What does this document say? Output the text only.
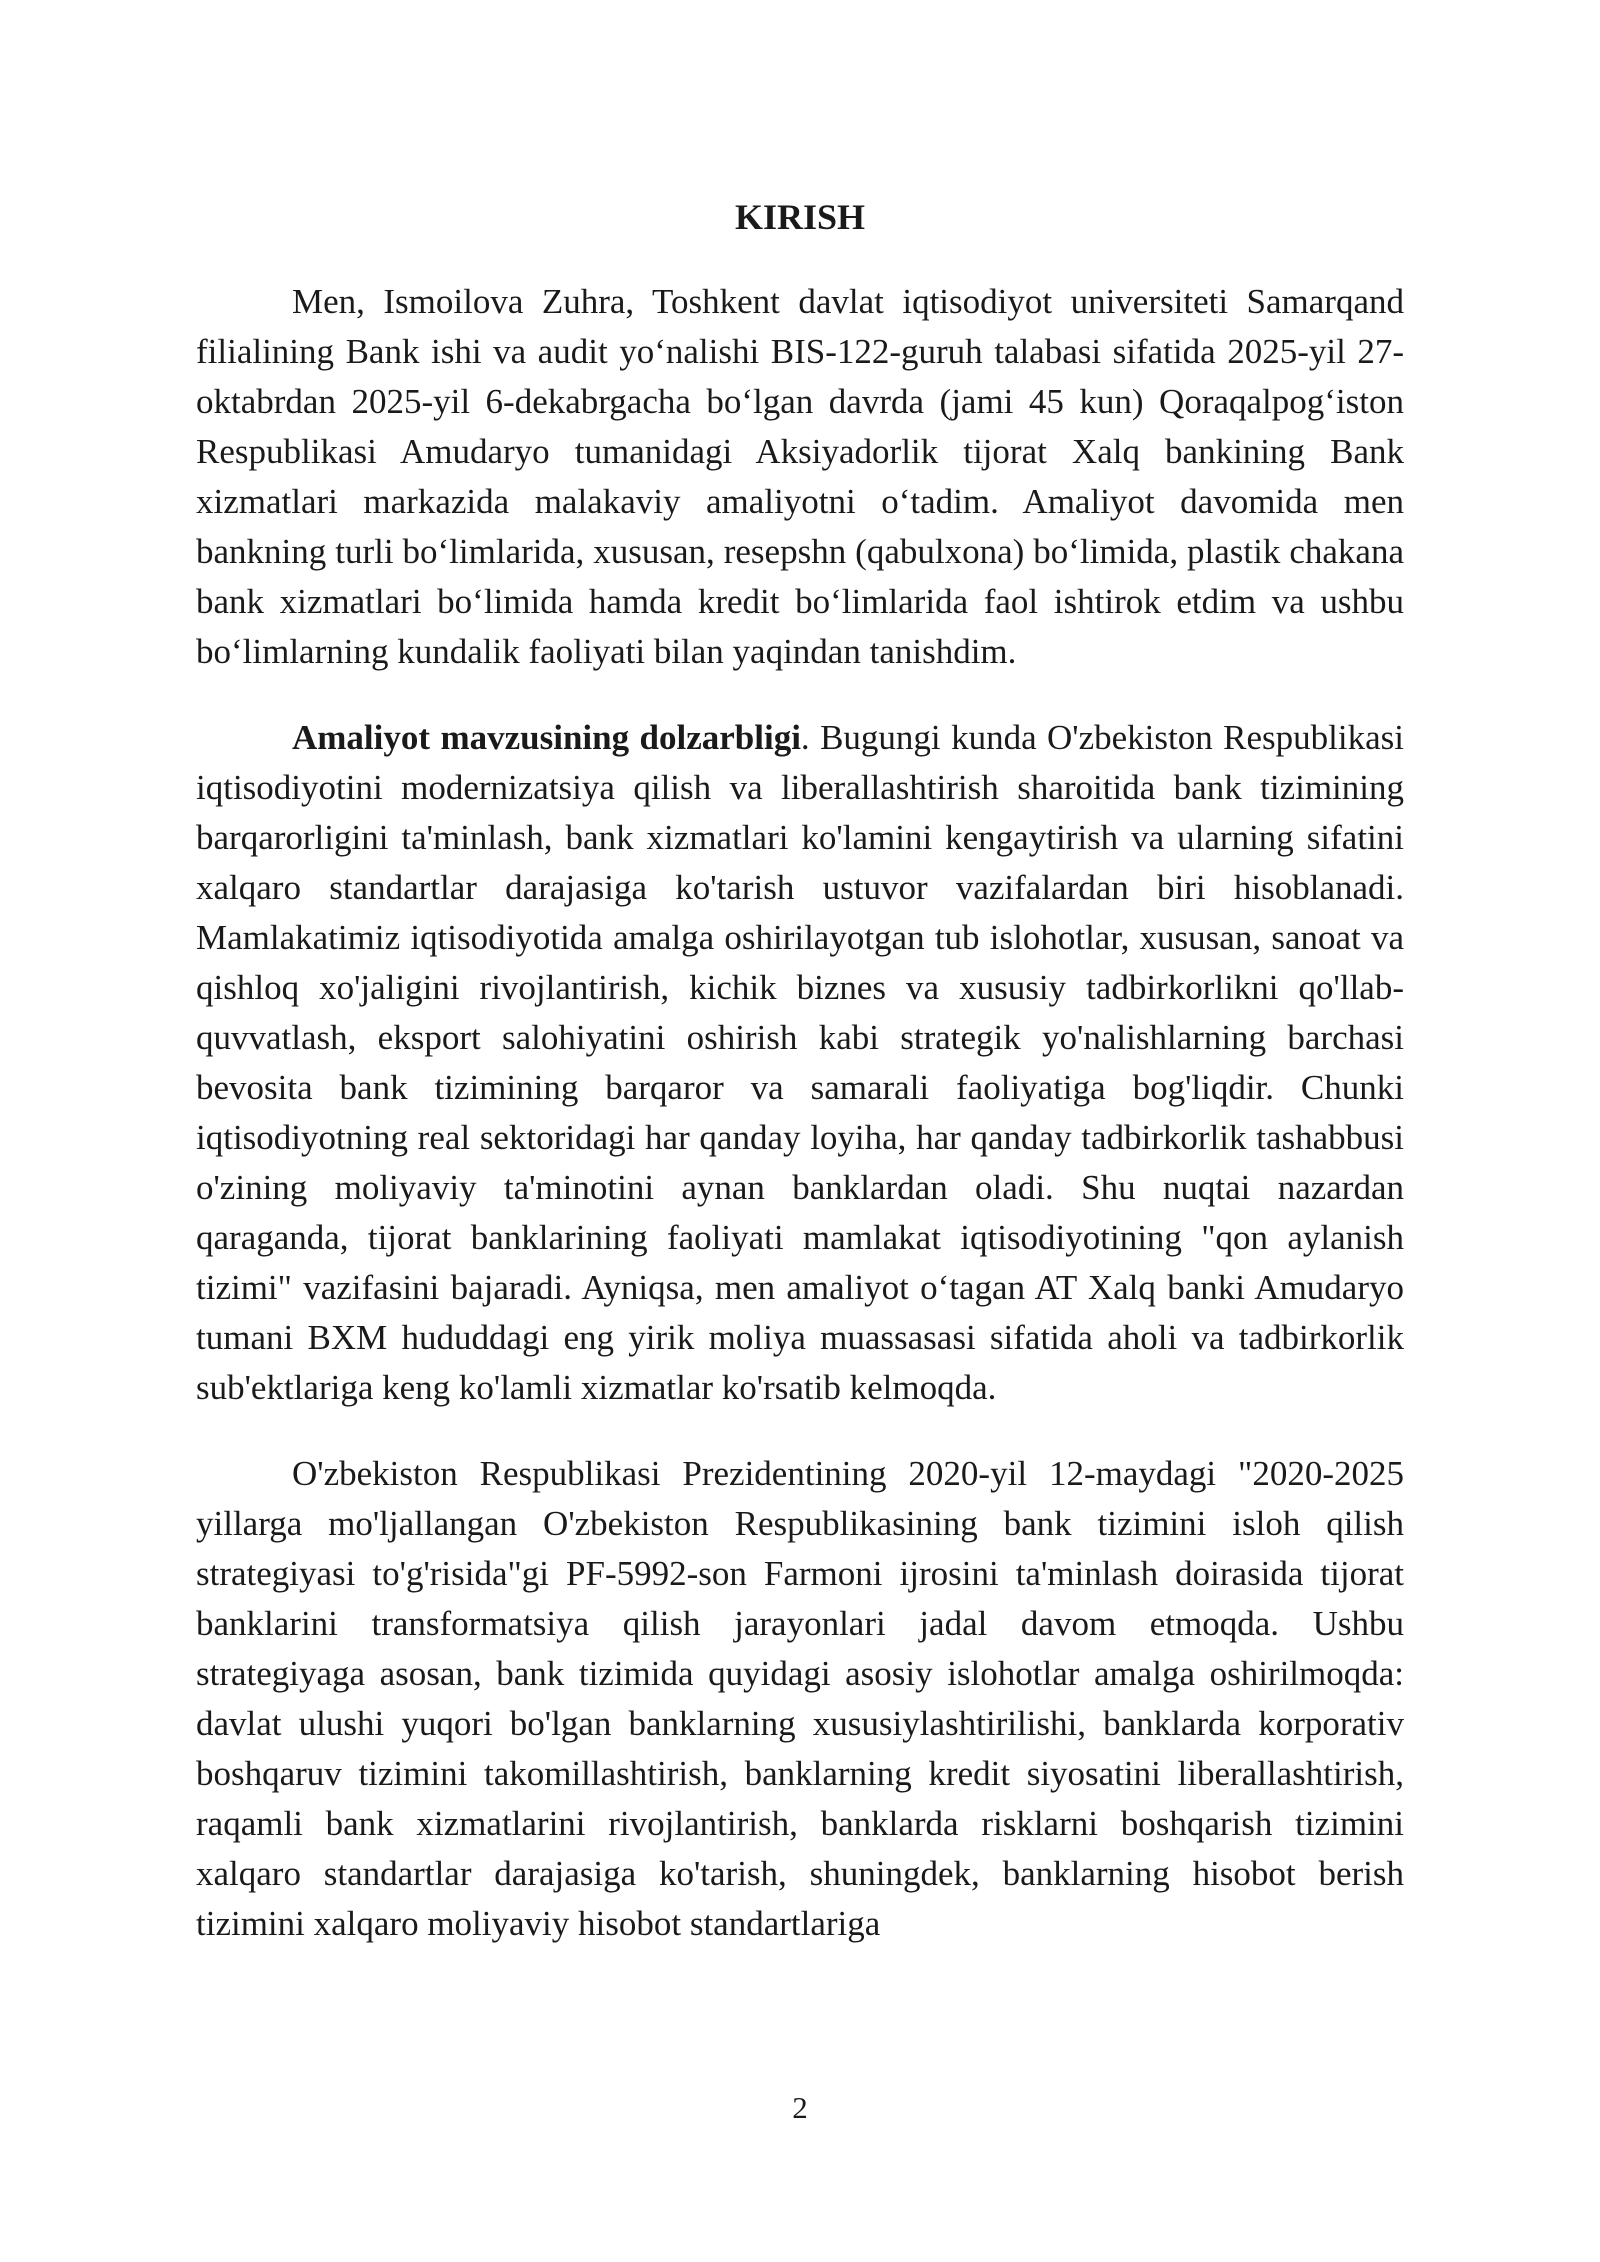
KIRISH

Men, Ismoilova Zuhra, Toshkent davlat iqtisodiyot universiteti Samarqand filialining Bank ishi va audit yo‘nalishi BIS-122-guruh talabasi sifatida 2025-yil 27-oktabrdan 2025-yil 6-dekabrgacha bo‘lgan davrda (jami 45 kun) Qoraqalpog‘iston Respublikasi Amudaryo tumanidagi Aksiyadorlik tijorat Xalq bankining Bank xizmatlari markazida malakaviy amaliyotni o‘tadim. Amaliyot davomida men bankning turli bo‘limlarida, xususan, resepshn (qabulxona) bo‘limida, plastik chakana bank xizmatlari bo‘limida hamda kredit bo‘limlarida faol ishtirok etdim va ushbu bo‘limlarning kundalik faoliyati bilan yaqindan tanishdim.

Amaliyot mavzusining dolzarbligi. Bugungi kunda O'zbekiston Respublikasi iqtisodiyotini modernizatsiya qilish va liberallashtirish sharoitida bank tizimining barqarorligini ta'minlash, bank xizmatlari ko'lamini kengaytirish va ularning sifatini xalqaro standartlar darajasiga ko'tarish ustuvor vazifalardan biri hisoblanadi. Mamlakatimiz iqtisodiyotida amalga oshirilayotgan tub islohotlar, xususan, sanoat va qishloq xo'jaligini rivojlantirish, kichik biznes va xususiy tadbirkorlikni qo'llab-quvvatlash, eksport salohiyatini oshirish kabi strategik yo'nalishlarning barchasi bevosita bank tizimining barqaror va samarali faoliyatiga bog'liqdir. Chunki iqtisodiyotning real sektoridagi har qanday loyiha, har qanday tadbirkorlik tashabbusi o'zining moliyaviy ta'minotini aynan banklardan oladi. Shu nuqtai nazardan qaraganda, tijorat banklarining faoliyati mamlakat iqtisodiyotining "qon aylanish tizimi" vazifasini bajaradi. Ayniqsa, men amaliyot o‘tagan AT Xalq banki Amudaryo tumani BXM hududdagi eng yirik moliya muassasasi sifatida aholi va tadbirkorlik sub'ektlariga keng ko'lamli xizmatlar ko'rsatib kelmoqda.

O'zbekiston Respublikasi Prezidentining 2020-yil 12-maydagi "2020-2025 yillarga mo'ljallangan O'zbekiston Respublikasining bank tizimini isloh qilish strategiyasi to'g'risida"gi PF-5992-son Farmoni ijrosini ta'minlash doirasida tijorat banklarini transformatsiya qilish jarayonlari jadal davom etmoqda. Ushbu strategiyaga asosan, bank tizimida quyidagi asosiy islohotlar amalga oshirilmoqda: davlat ulushi yuqori bo'lgan banklarning xususiylashtirilishi, banklarda korporativ boshqaruv tizimini takomillashtirish, banklarning kredit siyosatini liberallashtirish, raqamli bank xizmatlarini rivojlantirish, banklarda risklarni boshqarish tizimini xalqaro standartlar darajasiga ko'tarish, shuningdek, banklarning hisobot berish tizimini xalqaro moliyaviy hisobot standartlariga

2
